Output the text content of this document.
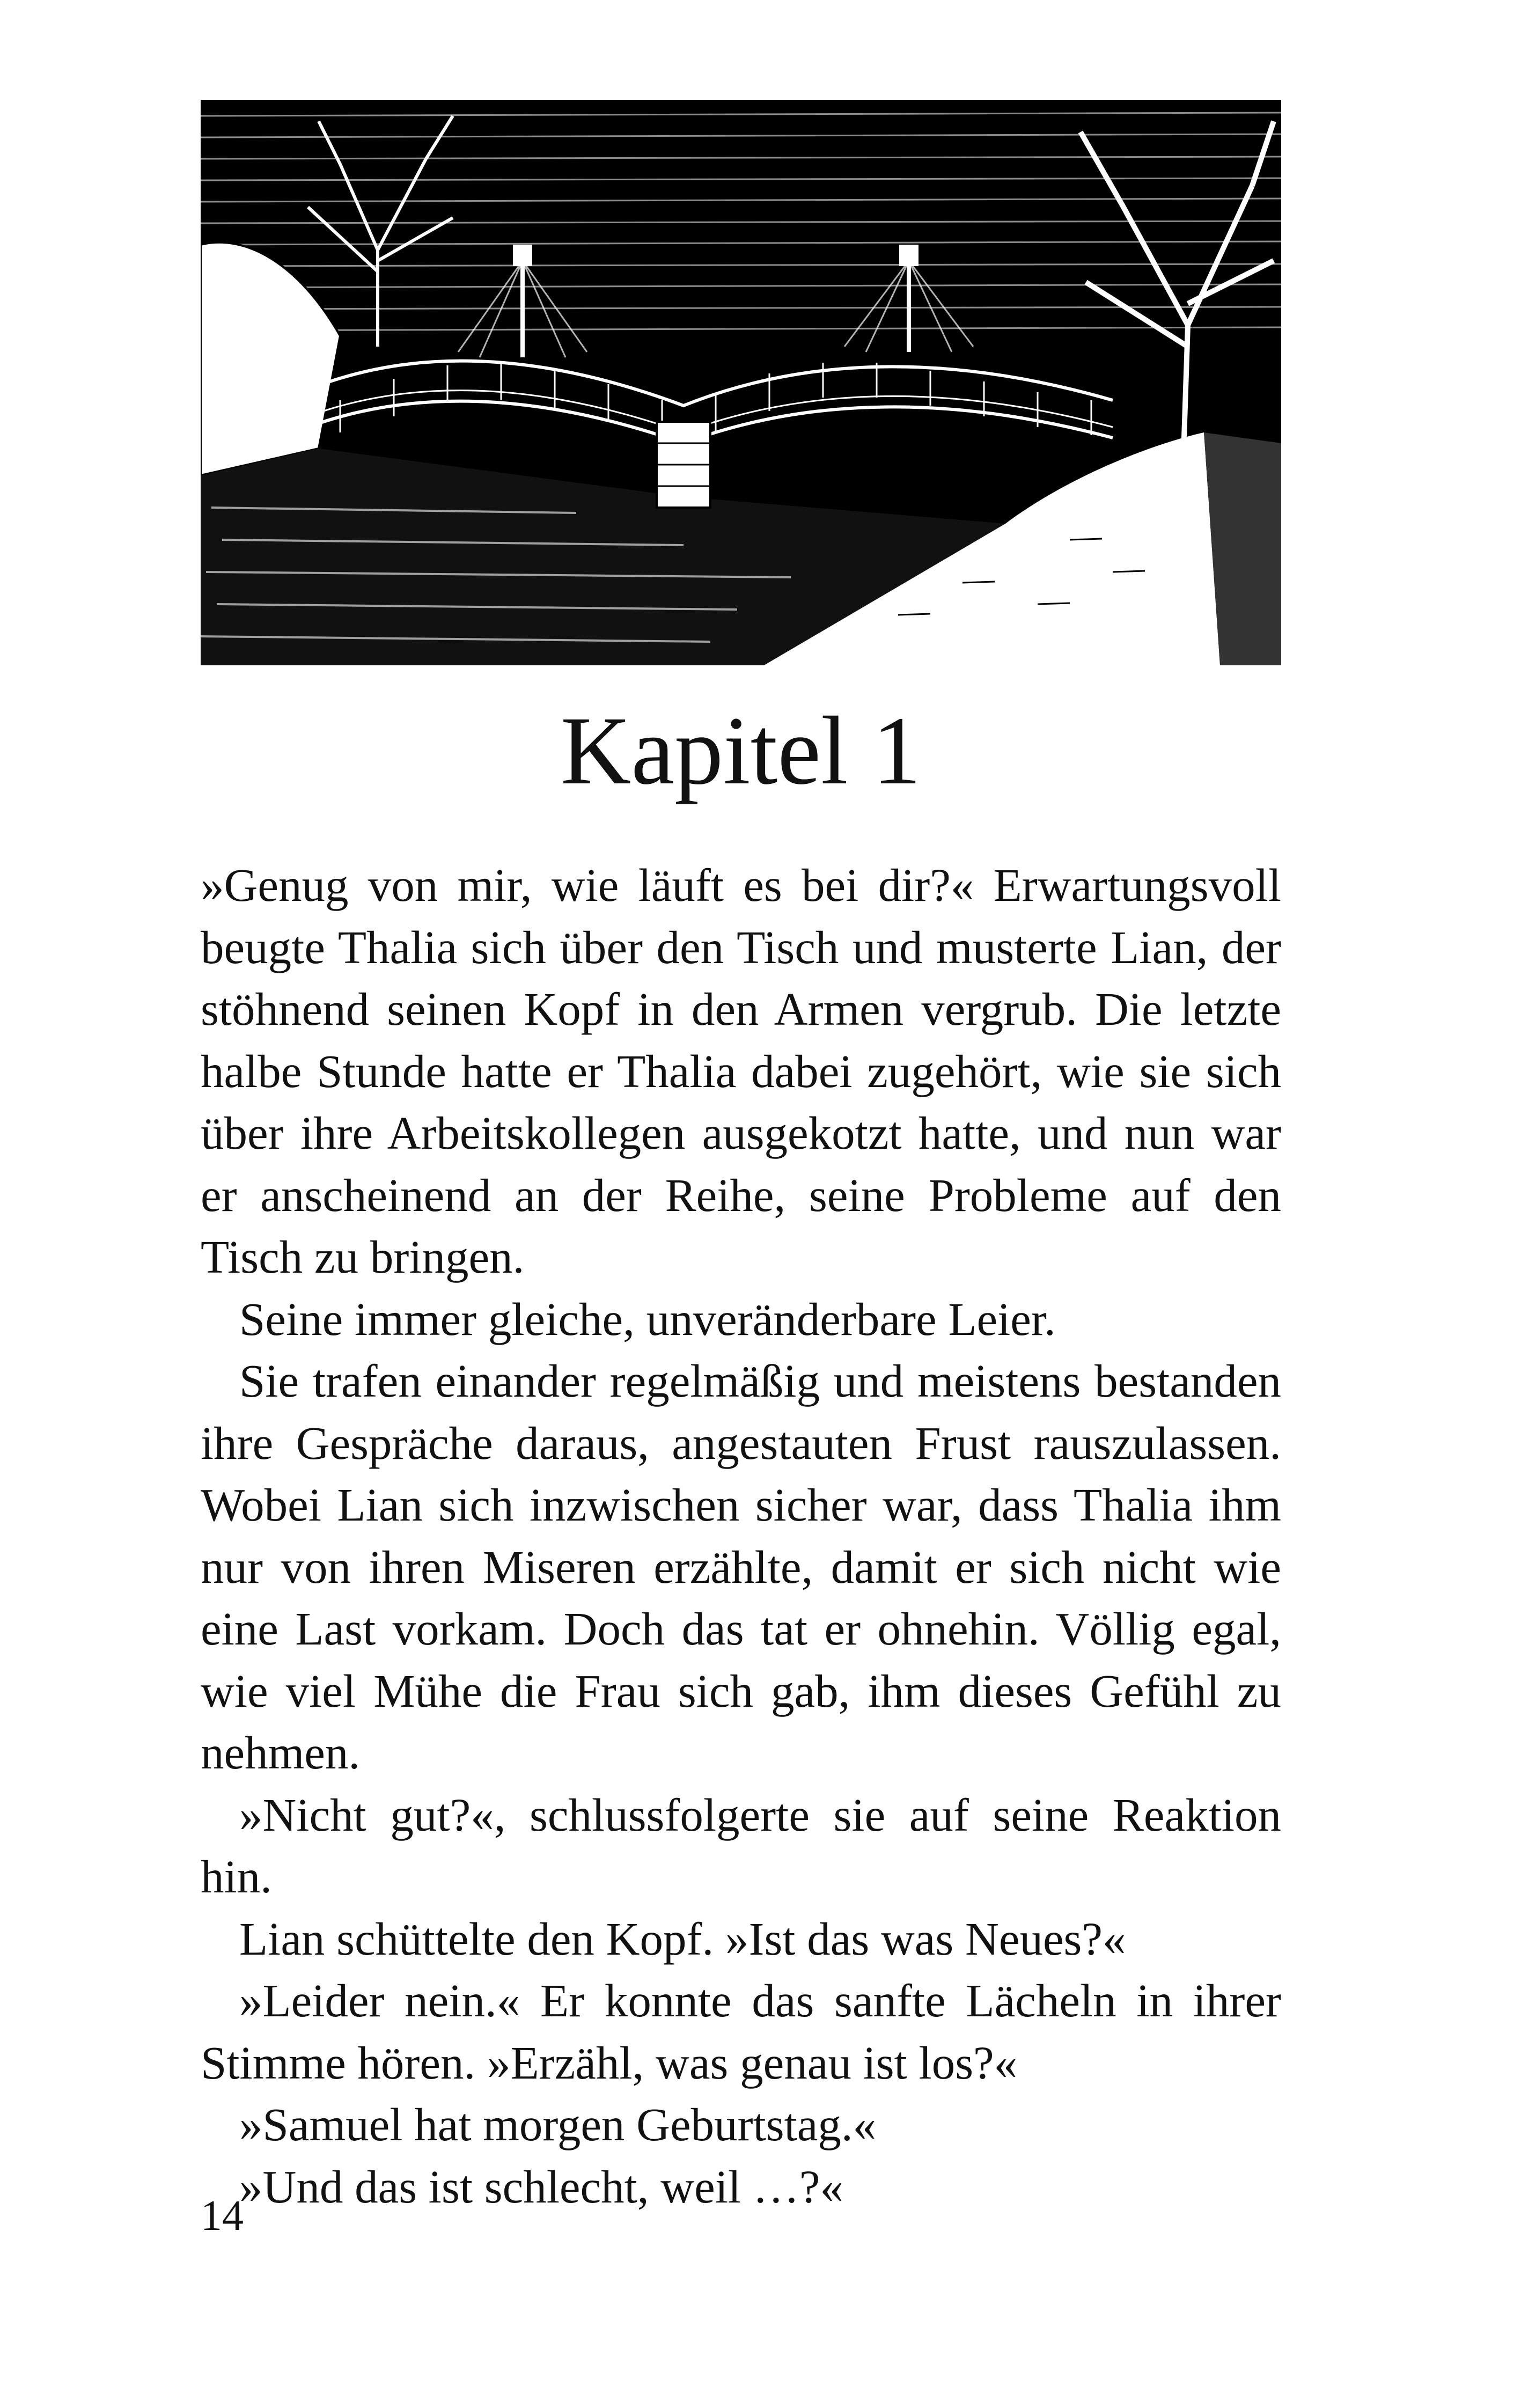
Kapitel 1

»Genug von mir, wie läuft es bei dir?« Erwartungsvoll beugte Thalia sich über den Tisch und musterte Lian, der stöhnend seinen Kopf in den Armen vergrub. Die letzte halbe Stunde hatte er Thalia dabei zugehört, wie sie sich über ihre Arbeitskollegen ausgekotzt hatte, und nun war er anscheinend an der Reihe, seine Probleme auf den Tisch zu bringen.

Seine immer gleiche, unveränderbare Leier.

Sie trafen einander regelmäßig und meistens bestanden ihre Gespräche daraus, angestauten Frust rauszulassen. Wobei Lian sich inzwischen sicher war, dass Thalia ihm nur von ihren Miseren erzählte, damit er sich nicht wie eine Last vorkam. Doch das tat er ohnehin. Völlig egal, wie viel Mühe die Frau sich gab, ihm dieses Gefühl zu nehmen.

»Nicht gut?«, schlussfolgerte sie auf seine Reaktion hin.

Lian schüttelte den Kopf. »Ist das was Neues?«

»Leider nein.« Er konnte das sanfte Lächeln in ihrer Stimme hören. »Erzähl, was genau ist los?«

»Samuel hat morgen Geburtstag.«

»Und das ist schlecht, weil …?«

14
